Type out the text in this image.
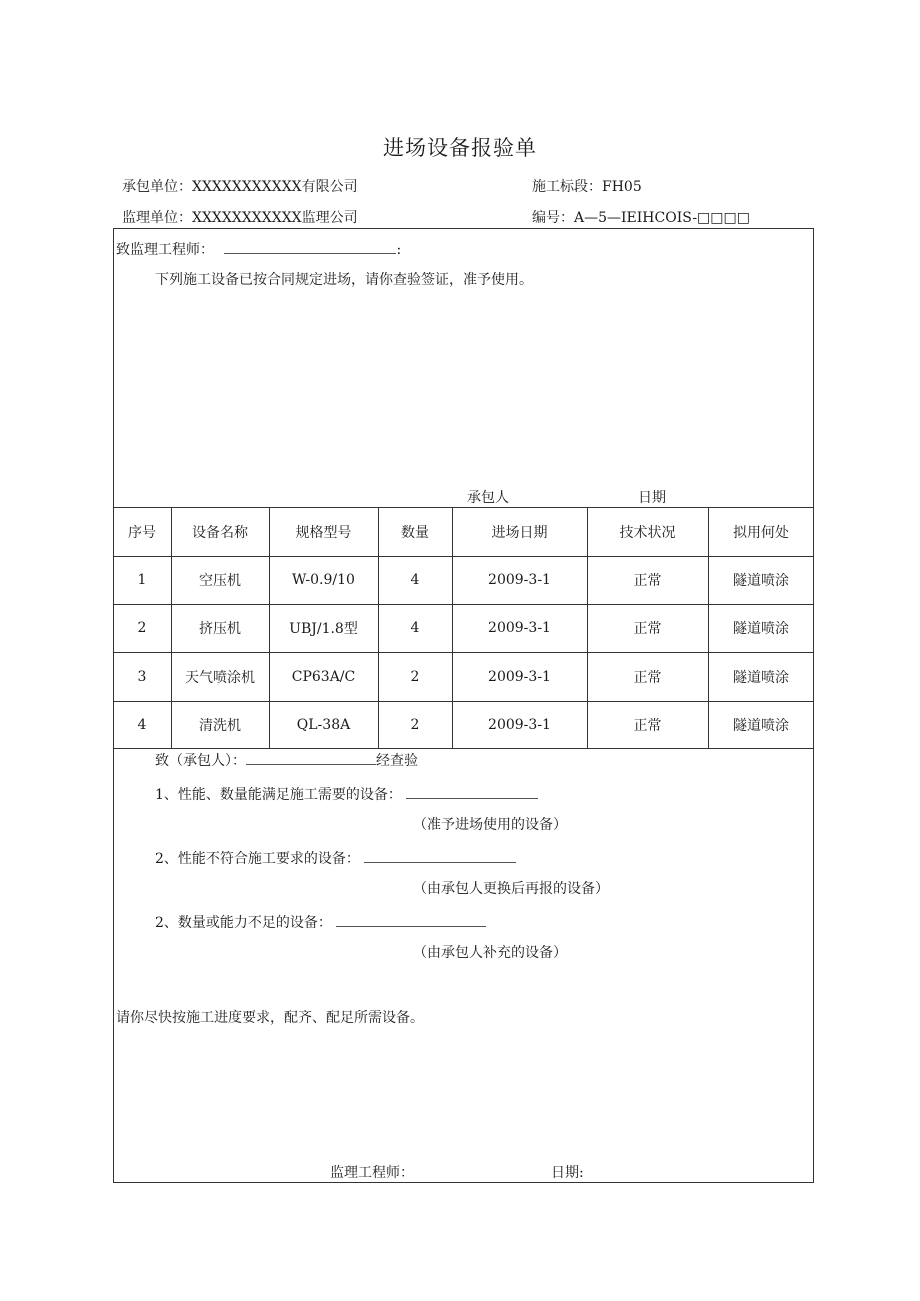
进场设备报验单
承包单位：XXXXXXXXXXX有限公司	施工标段：FH05
监理单位：XXXXXXXXXXX监理公司	编号：A—5—IEIHCOIS-□□□□
致监理工程师：	:
下列施工设备已按合同规定进场，请你查验签证，准予使用。
承包人	日期
序号	设备名称	规格型号	数量	进场日期	技术状况	拟用何处
1	空压机	W-0.9/10	4	2009-3-1	正常	隧道喷涂
2	挤压机	UBJ/1.8型	4	2009-3-1	正常	隧道喷涂
3	天气喷涂机	CP63A/C	2	2009-3-1	正常	隧道喷涂
4	清洗机	QL-38A	2	2009-3-1	正常	隧道喷涂
致（承包人）：	经查验
1、性能、数量能满足施工需要的设备：
（准予进场使用的设备）
2、性能不符合施工要求的设备：
（由承包人更换后再报的设备）
2、数量或能力不足的设备：
（由承包人补充的设备）
请你尽快按施工进度要求，配齐、配足所需设备。
监理工程师：	日期:
